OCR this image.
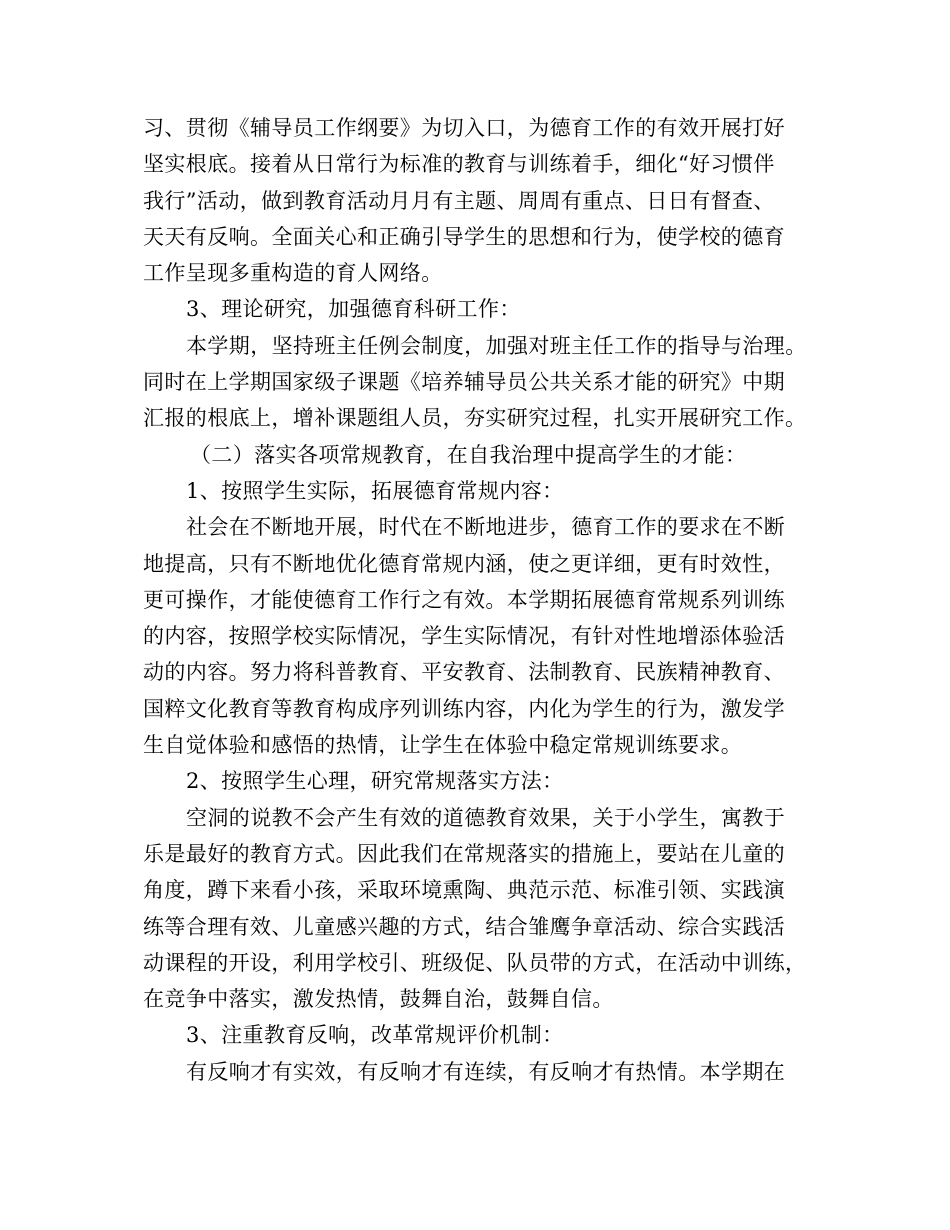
习、贯彻《辅导员工作纲要》为切入口，为德育工作的有效开展打好
坚实根底。接着从日常行为标准的教育与训练着手，细化“好习惯伴
我行”活动，做到教育活动月月有主题、周周有重点、日日有督查、
天天有反响。全面关心和正确引导学生的思想和行为，使学校的德育
工作呈现多重构造的育人网络。
3、理论研究，加强德育科研工作：
本学期，坚持班主任例会制度，加强对班主任工作的指导与治理。
同时在上学期国家级子课题《培养辅导员公共关系才能的研究》中期
汇报的根底上，增补课题组人员，夯实研究过程，扎实开展研究工作。
（二）落实各项常规教育，在自我治理中提高学生的才能：
1、按照学生实际，拓展德育常规内容：
社会在不断地开展，时代在不断地进步，德育工作的要求在不断
地提高，只有不断地优化德育常规内涵，使之更详细，更有时效性，
更可操作，才能使德育工作行之有效。本学期拓展德育常规系列训练
的内容，按照学校实际情况，学生实际情况，有针对性地增添体验活
动的内容。努力将科普教育、平安教育、法制教育、民族精神教育、
国粹文化教育等教育构成序列训练内容，内化为学生的行为，激发学
生自觉体验和感悟的热情，让学生在体验中稳定常规训练要求。
2、按照学生心理，研究常规落实方法：
空洞的说教不会产生有效的道德教育效果，关于小学生，寓教于
乐是最好的教育方式。因此我们在常规落实的措施上，要站在儿童的
角度，蹲下来看小孩，采取环境熏陶、典范示范、标准引领、实践演
练等合理有效、儿童感兴趣的方式，结合雏鹰争章活动、综合实践活
动课程的开设，利用学校引、班级促、队员带的方式，在活动中训练，
在竞争中落实，激发热情，鼓舞自治，鼓舞自信。
3、注重教育反响，改革常规评价机制：
有反响才有实效，有反响才有连续，有反响才有热情。本学期在
